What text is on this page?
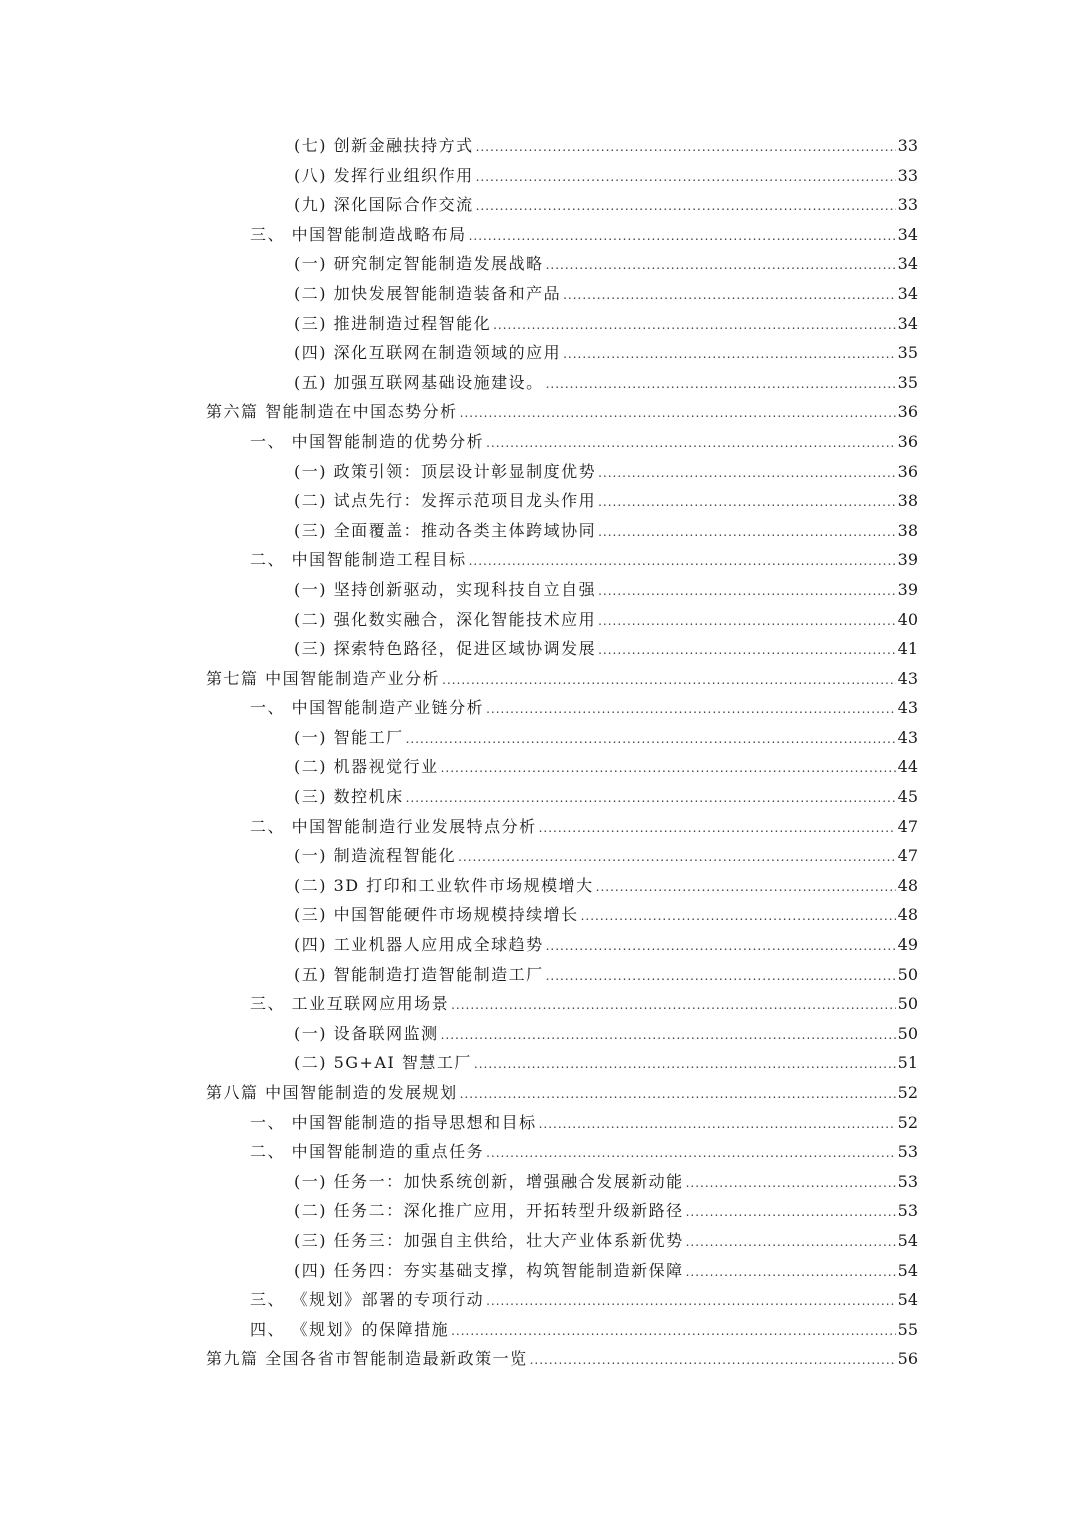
(七) 创新金融扶持方式 .....	33
(八) 发挥行业组织作用 .....	33
(九) 深化国际合作交流 .....	33
三、 中国智能制造战略布局 .....	34
(一) 研究制定智能制造发展战略 .....	34
(二) 加快发展智能制造装备和产品 .....	34
(三) 推进制造过程智能化 .....	34
(四) 深化互联网在制造领域的应用 .....	35
(五) 加强互联网基础设施建设。 .....	35
第六篇 智能制造在中国态势分析 .....	36
一、 中国智能制造的优势分析 .....	36
(一) 政策引领：顶层设计彰显制度优势 .....	36
(二) 试点先行：发挥示范项目龙头作用 .....	38
(三) 全面覆盖：推动各类主体跨域协同 .....	38
二、 中国智能制造工程目标 .....	39
(一) 坚持创新驱动，实现科技自立自强 .....	39
(二) 强化数实融合，深化智能技术应用 .....	40
(三) 探索特色路径，促进区域协调发展 .....	41
第七篇 中国智能制造产业分析 .....	43
一、 中国智能制造产业链分析 .....	43
(一) 智能工厂 .....	43
(二) 机器视觉行业 .....	44
(三) 数控机床 .....	45
二、 中国智能制造行业发展特点分析 .....	47
(一) 制造流程智能化 .....	47
(二) 3D 打印和工业软件市场规模增大 .....	48
(三) 中国智能硬件市场规模持续增长 .....	48
(四) 工业机器人应用成全球趋势 .....	49
(五) 智能制造打造智能制造工厂 .....	50
三、 工业互联网应用场景 .....	50
(一) 设备联网监测 .....	50
(二) 5G+AI 智慧工厂 .....	51
第八篇 中国智能制造的发展规划 .....	52
一、 中国智能制造的指导思想和目标 .....	52
二、 中国智能制造的重点任务 .....	53
(一) 任务一：加快系统创新，增强融合发展新动能 .....	53
(二) 任务二：深化推广应用，开拓转型升级新路径 .....	53
(三) 任务三：加强自主供给，壮大产业体系新优势 .....	54
(四) 任务四：夯实基础支撑，构筑智能制造新保障 .....	54
三、 《规划》部署的专项行动 .....	54
四、 《规划》的保障措施 .....	55
第九篇 全国各省市智能制造最新政策一览 .....	56
